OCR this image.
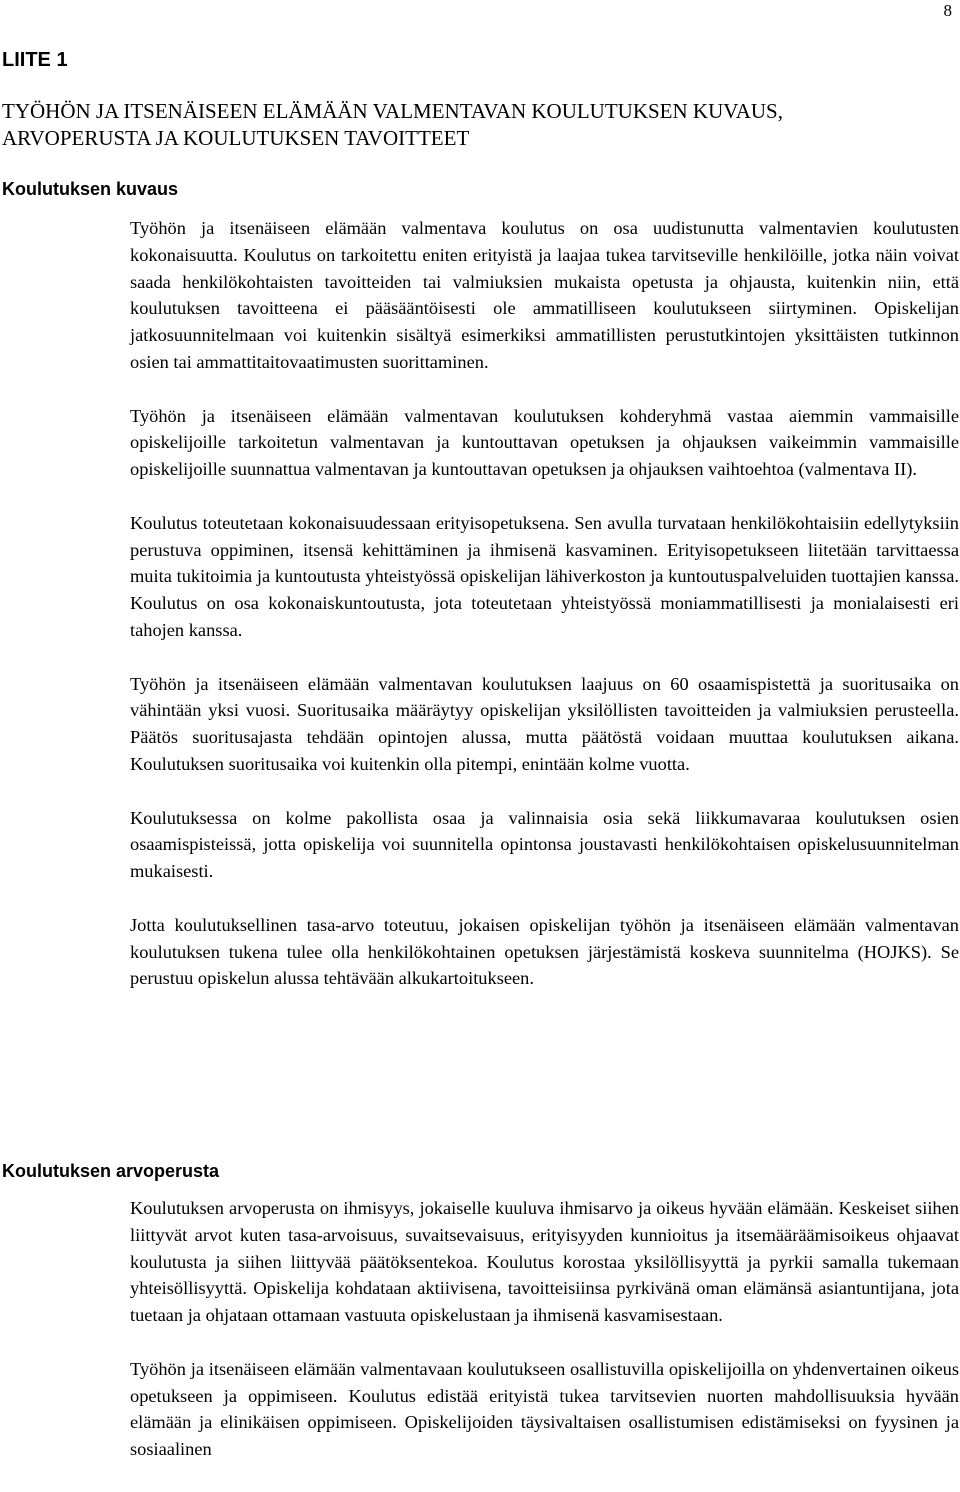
8
LIITE 1
TYÖHÖN JA ITSENÄISEEN ELÄMÄÄN VALMENTAVAN KOULUTUKSEN KUVAUS,
ARVOPERUSTA JA KOULUTUKSEN TAVOITTEET
Koulutuksen kuvaus

Työhön ja itsenäiseen elämään valmentava koulutus on osa uudistunutta valmentavien koulutusten kokonaisuutta. Koulutus on tarkoitettu eniten erityistä ja laajaa tukea tarvitseville henkilöille, jotka näin voivat saada henkilökohtaisten tavoitteiden tai valmiuksien mukaista opetusta ja ohjausta, kuitenkin niin, että koulutuksen tavoitteena ei pääsääntöisesti ole ammatilliseen koulutukseen siirtyminen. Opiskelijan jatkosuunnitelmaan voi kuitenkin sisältyä esimerkiksi ammatillisten perustutkintojen yksittäisten tutkinnon osien tai ammattitaitovaatimusten suorittaminen.

Työhön ja itsenäiseen elämään valmentavan koulutuksen kohderyhmä vastaa aiemmin vammaisille opiskelijoille tarkoitetun valmentavan ja kuntouttavan opetuksen ja ohjauksen vaikeimmin vammaisille opiskelijoille suunnattua valmentavan ja kuntouttavan opetuksen ja ohjauksen vaihtoehtoa (valmentava II).

Koulutus toteutetaan kokonaisuudessaan erityisopetuksena. Sen avulla turvataan henkilökohtaisiin edellytyksiin perustuva oppiminen, itsensä kehittäminen ja ihmisenä kasvaminen. Erityisopetukseen liitetään tarvittaessa muita tukitoimia ja kuntoutusta yhteistyössä opiskelijan lähiverkoston ja kuntoutuspalveluiden tuottajien kanssa. Koulutus on osa kokonaiskuntoutusta, jota toteutetaan yhteistyössä moniammatillisesti ja monialaisesti eri tahojen kanssa.

Työhön ja itsenäiseen elämään valmentavan koulutuksen laajuus on 60 osaamispistettä ja suoritusaika on vähintään yksi vuosi. Suoritusaika määräytyy opiskelijan yksilöllisten tavoitteiden ja valmiuksien perusteella. Päätös suoritusajasta tehdään opintojen alussa, mutta päätöstä voidaan muuttaa koulutuksen aikana. Koulutuksen suoritusaika voi kuitenkin olla pitempi, enintään kolme vuotta.

Koulutuksessa on kolme pakollista osaa ja valinnaisia osia sekä liikkumavaraa koulutuksen osien osaamispisteissä, jotta opiskelija voi suunnitella opintonsa joustavasti henkilökohtaisen opiskelusuunnitelman mukaisesti.

Jotta koulutuksellinen tasa-arvo toteutuu, jokaisen opiskelijan työhön ja itsenäiseen elämään valmentavan koulutuksen tukena tulee olla henkilökohtainen opetuksen järjestämistä koskeva suunnitelma (HOJKS). Se perustuu opiskelun alussa tehtävään alkukartoitukseen.

Koulutuksen arvoperusta

Koulutuksen arvoperusta on ihmisyys, jokaiselle kuuluva ihmisarvo ja oikeus hyvään elämään. Keskeiset siihen liittyvät arvot kuten tasa-arvoisuus, suvaitsevaisuus, erityisyyden kunnioitus ja itsemääräämisoikeus ohjaavat koulutusta ja siihen liittyvää päätöksentekoa. Koulutus korostaa yksilöllisyyttä ja pyrkii samalla tukemaan yhteisöllisyyttä. Opiskelija kohdataan aktiivisena, tavoitteisiinsa pyrkivänä oman elämänsä asiantuntijana, jota tuetaan ja ohjataan ottamaan vastuuta opiskelustaan ja ihmisenä kasvamisestaan.

Työhön ja itsenäiseen elämään valmentavaan koulutukseen osallistuvilla opiskelijoilla on yhdenvertainen oikeus opetukseen ja oppimiseen. Koulutus edistää erityistä tukea tarvitsevien nuorten mahdollisuuksia hyvään elämään ja elinikäisen oppimiseen. Opiskelijoiden täysivaltaisen osallistumisen edistämiseksi on fyysinen ja sosiaalinen
